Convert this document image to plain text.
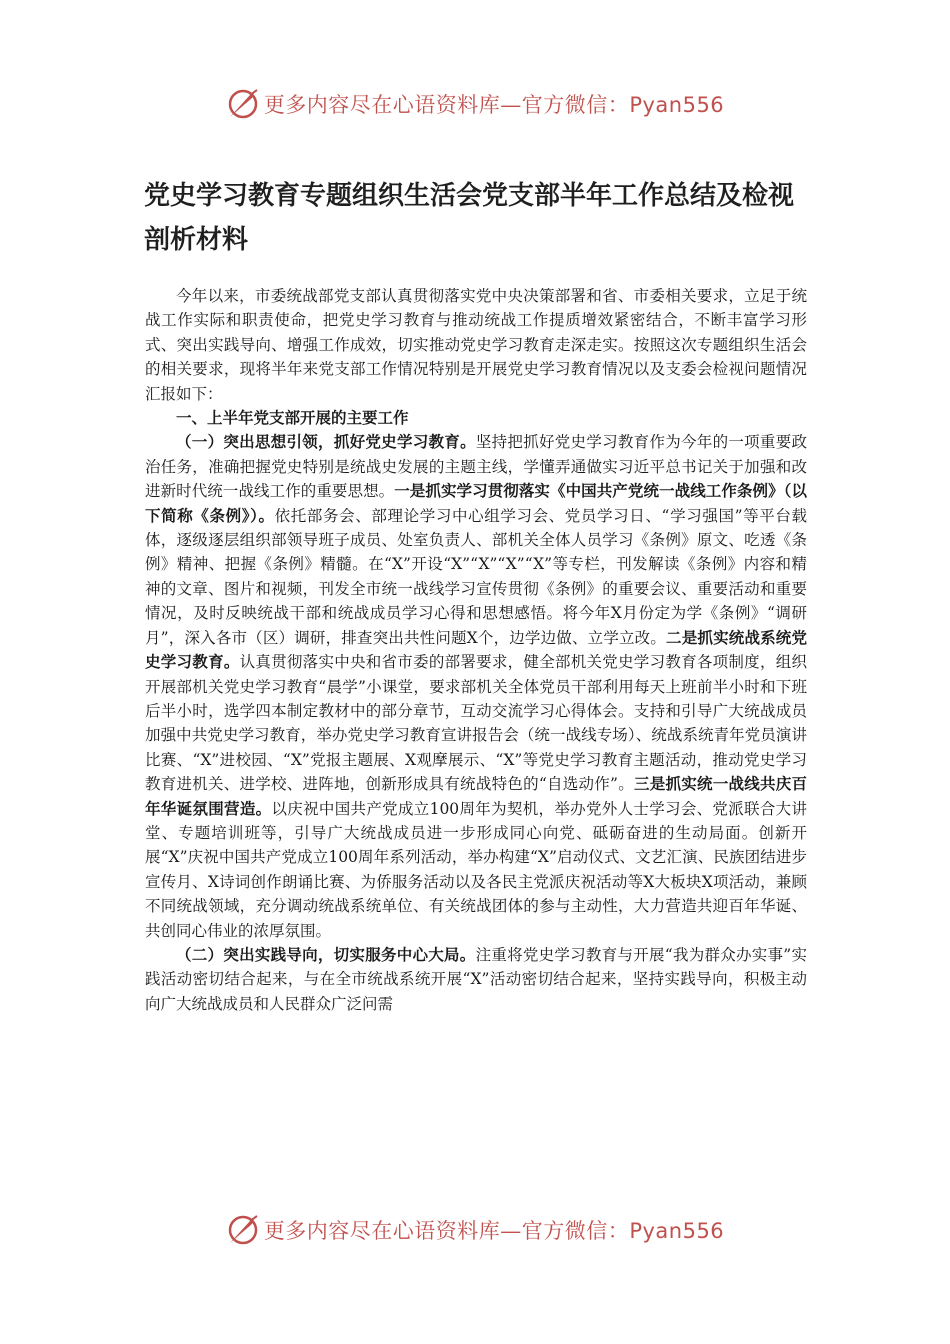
更多内容尽在心语资料库—官方微信：Pyan556
党史学习教育专题组织生活会党支部半年工作总结及检视剖析材料

今年以来，市委统战部党支部认真贯彻落实党中央决策部署和省、市委相关要求，立足于统战工作实际和职责使命，把党史学习教育与推动统战工作提质增效紧密结合，不断丰富学习形式、突出实践导向、增强工作成效，切实推动党史学习教育走深走实。按照这次专题组织生活会的相关要求，现将半年来党支部工作情况特别是开展党史学习教育情况以及支委会检视问题情况汇报如下：

一、上半年党支部开展的主要工作

（一）突出思想引领，抓好党史学习教育。坚持把抓好党史学习教育作为今年的一项重要政治任务，准确把握党史特别是统战史发展的主题主线，学懂弄通做实习近平总书记关于加强和改进新时代统一战线工作的重要思想。一是抓实学习贯彻落实《中国共产党统一战线工作条例》（以下简称《条例》）。依托部务会、部理论学习中心组学习会、党员学习日、“学习强国”等平台载体，逐级逐层组织部领导班子成员、处室负责人、部机关全体人员学习《条例》原文、吃透《条例》精神、把握《条例》精髓。在“X”开设“X”“X”“X”“X”等专栏，刊发解读《条例》内容和精神的文章、图片和视频，刊发全市统一战线学习宣传贯彻《条例》的重要会议、重要活动和重要情况，及时反映统战干部和统战成员学习心得和思想感悟。将今年X月份定为学《条例》“调研月”，深入各市（区）调研，排查突出共性问题X个，边学边做、立学立改。二是抓实统战系统党史学习教育。认真贯彻落实中央和省市委的部署要求，健全部机关党史学习教育各项制度，组织开展部机关党史学习教育“晨学”小课堂，要求部机关全体党员干部利用每天上班前半小时和下班后半小时，选学四本制定教材中的部分章节，互动交流学习心得体会。支持和引导广大统战成员加强中共党史学习教育，举办党史学习教育宣讲报告会（统一战线专场）、统战系统青年党员演讲比赛、“X”进校园、“X”党报主题展、X观摩展示、“X”等党史学习教育主题活动，推动党史学习教育进机关、进学校、进阵地，创新形成具有统战特色的“自选动作”。三是抓实统一战线共庆百年华诞氛围营造。以庆祝中国共产党成立100周年为契机，举办党外人士学习会、党派联合大讲堂、专题培训班等，引导广大统战成员进一步形成同心向党、砥砺奋进的生动局面。创新开展“X”庆祝中国共产党成立100周年系列活动，举办构建“X”启动仪式、文艺汇演、民族团结进步宣传月、X诗词创作朗诵比赛、为侨服务活动以及各民主党派庆祝活动等X大板块X项活动，兼顾不同统战领域，充分调动统战系统单位、有关统战团体的参与主动性，大力营造共迎百年华诞、共创同心伟业的浓厚氛围。

（二）突出实践导向，切实服务中心大局。注重将党史学习教育与开展“我为群众办实事”实践活动密切结合起来，与在全市统战系统开展“X”活动密切结合起来，坚持实践导向，积极主动向广大统战成员和人民群众广泛问需

更多内容尽在心语资料库—官方微信：Pyan556
